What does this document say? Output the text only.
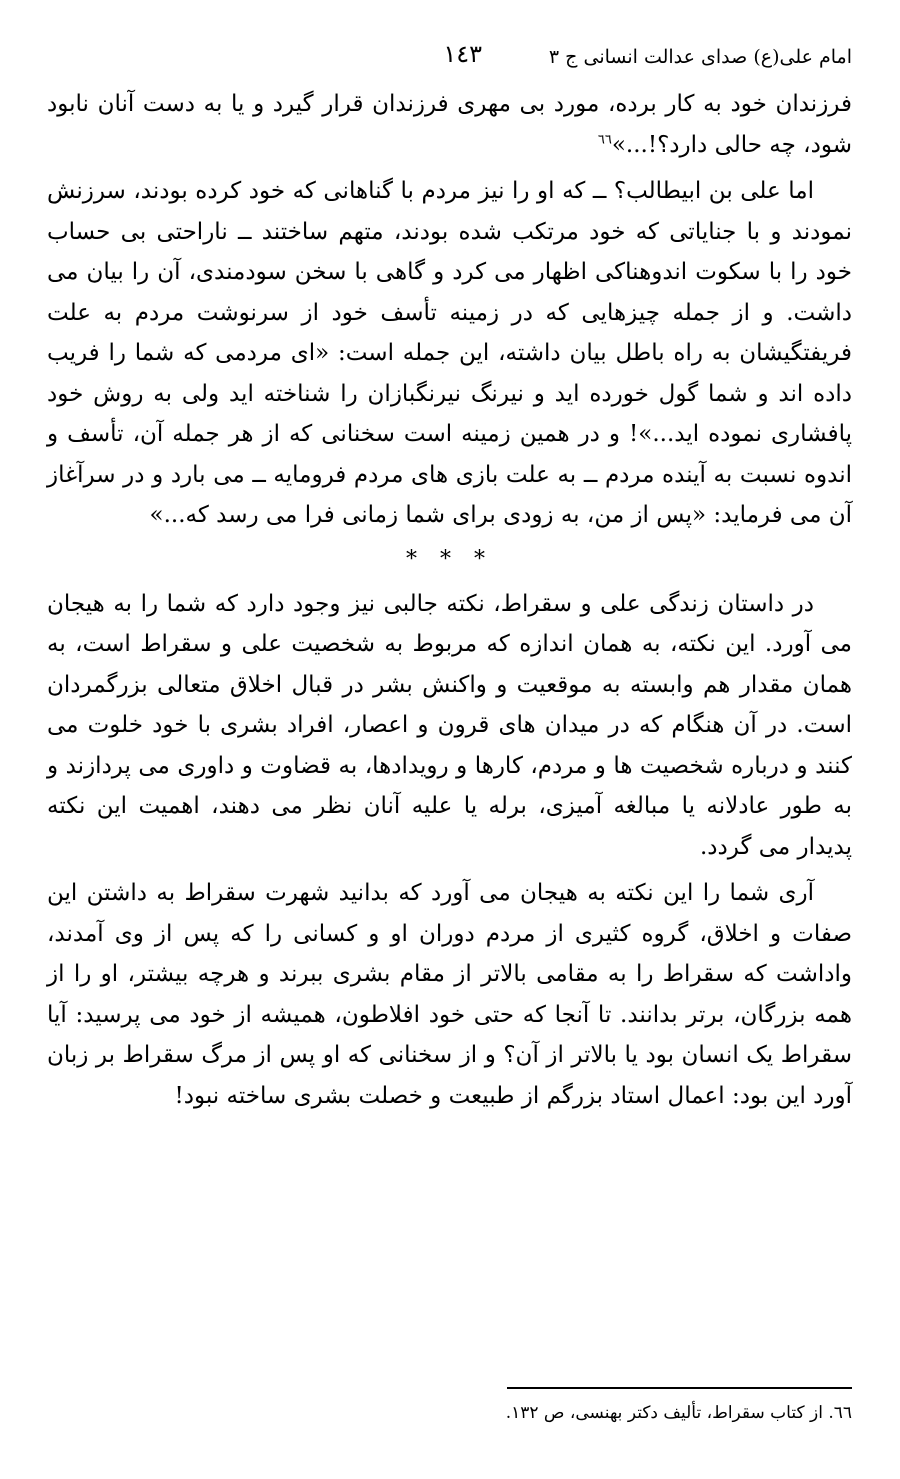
امام علی(ع) صدای عدالت انسانی ج ٣
١٤٣

فرزندان خود به کار برده، مورد بی مهری فرزندان قرار گیرد و یا به دست آنان نابود شود، چه حالی دارد؟!...»$^{٦٦}$

اما علی بن ابیطالب؟ ــ که او را نیز مردم با گناهانی که خود کرده بودند، سرزنش نمودند و با جنایاتی که خود مرتکب شده بودند، متهم ساختند ــ ناراحتی بی حساب خود را با سکوت اندوهناکی اظهار می کرد و گاهی با سخن سودمندی، آن را بیان می داشت. و از جمله چیزهایی که در زمینه تأسف خود از سرنوشت مردم به علت فریفتگیشان به راه باطل بیان داشته، این جمله است: «ای مردمی که شما را فریب داده اند و شما گول خورده اید و نیرنگ نیرنگبازان را شناخته اید ولی به روش خود پافشاری نموده اید...»! و در همین زمینه است سخنانی که از هر جمله آن، تأسف و اندوه نسبت به آینده مردم ــ به علت بازی های مردم فرومایه ــ می بارد و در سرآغاز آن می فرماید: «پس از من، به زودی برای شما زمانی فرا می رسد که...»

* * *

در داستان زندگی علی و سقراط، نکته جالبی نیز وجود دارد که شما را به هیجان می آورد. این نکته، به همان اندازه که مربوط به شخصیت علی و سقراط است، به همان مقدار هم وابسته به موقعیت و واکنش بشر در قبال اخلاق متعالی بزرگمردان است. در آن هنگام که در میدان های قرون و اعصار، افراد بشری با خود خلوت می کنند و درباره شخصیت ها و مردم، کارها و رویدادها، به قضاوت و داوری می پردازند و به طور عادلانه یا مبالغه آمیزی، برله یا علیه آنان نظر می دهند، اهمیت این نکته پدیدار می گردد.

آری شما را این نکته به هیجان می آورد که بدانید شهرت سقراط به داشتن این صفات و اخلاق، گروه کثیری از مردم دوران او و کسانی را که پس از وی آمدند، واداشت که سقراط را به مقامی بالاتر از مقام بشری ببرند و هرچه بیشتر، او را از همه بزرگان، برتر بدانند. تا آنجا که حتی خود افلاطون، همیشه از خود می پرسید: آیا سقراط یک انسان بود یا بالاتر از آن؟ و از سخنانی که او پس از مرگ سقراط بر زبان آورد این بود: اعمال استاد بزرگم از طبیعت و خصلت بشری ساخته نبود!

٦٦. از کتاب سقراط، تألیف دکتر بهنسی، ص ١٣٢.
